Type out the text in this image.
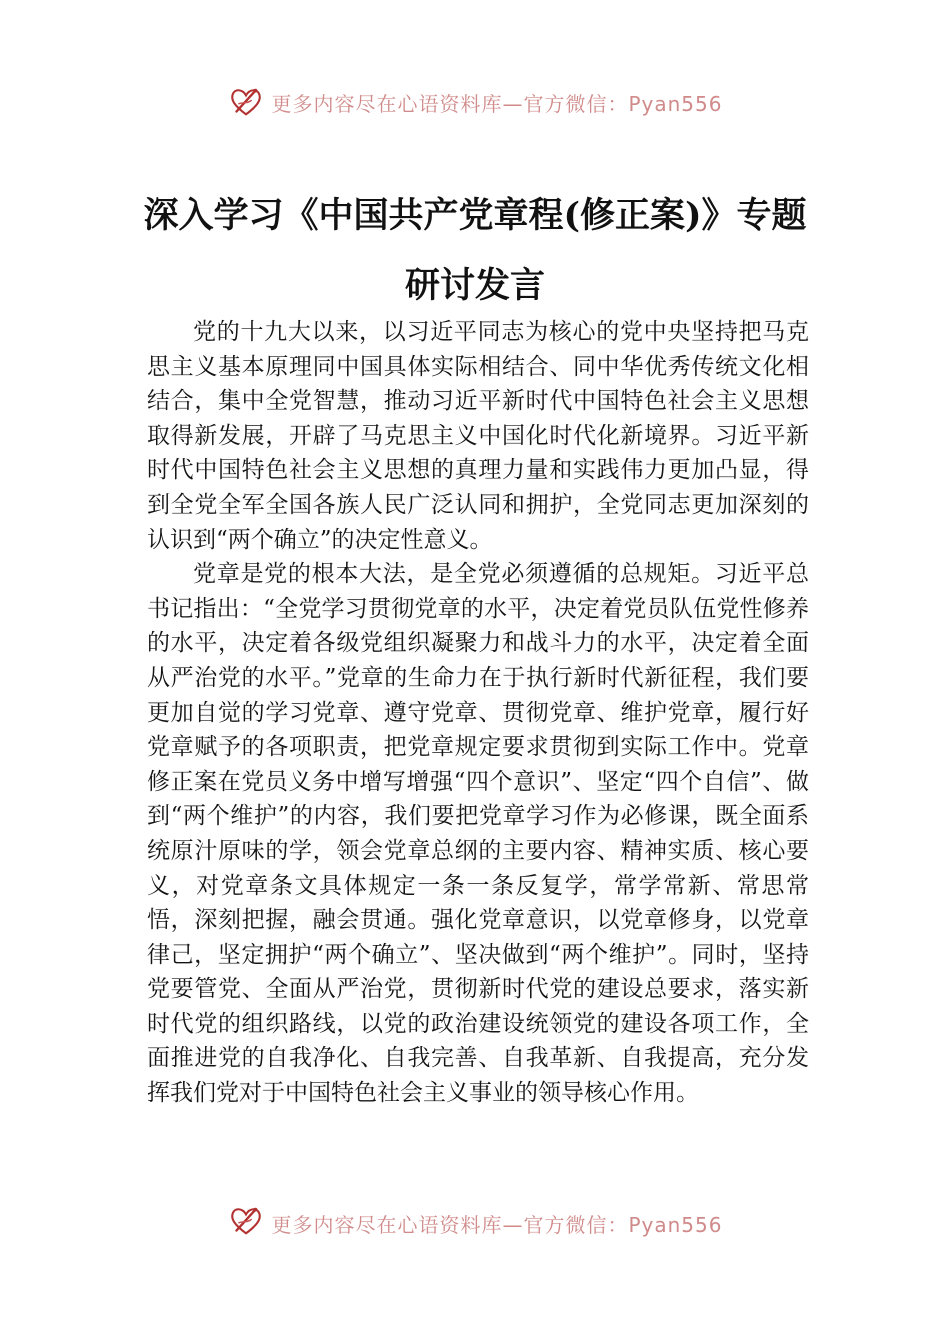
更多内容尽在心语资料库—官方微信：Pyan556
深入学习《中国共产党章程(修正案)》专题
研讨发言

党的十九大以来，以习近平同志为核心的党中央坚持把马克思主义基本原理同中国具体实际相结合、同中华优秀传统文化相结合，集中全党智慧，推动习近平新时代中国特色社会主义思想取得新发展，开辟了马克思主义中国化时代化新境界。习近平新时代中国特色社会主义思想的真理力量和实践伟力更加凸显，得到全党全军全国各族人民广泛认同和拥护，全党同志更加深刻的认识到“两个确立”的决定性意义。

党章是党的根本大法，是全党必须遵循的总规矩。习近平总书记指出：“全党学习贯彻党章的水平，决定着党员队伍党性修养的水平，决定着各级党组织凝聚力和战斗力的水平，决定着全面从严治党的水平。”党章的生命力在于执行新时代新征程，我们要更加自觉的学习党章、遵守党章、贯彻党章、维护党章，履行好党章赋予的各项职责，把党章规定要求贯彻到实际工作中。党章修正案在党员义务中增写增强“四个意识”、坚定“四个自信”、做到“两个维护”的内容，我们要把党章学习作为必修课，既全面系统原汁原味的学，领会党章总纲的主要内容、精神实质、核心要义，对党章条文具体规定一条一条反复学，常学常新、常思常悟，深刻把握，融会贯通。强化党章意识，以党章修身，以党章律己，坚定拥护“两个确立”、坚决做到“两个维护”。同时，坚持党要管党、全面从严治党，贯彻新时代党的建设总要求，落实新时代党的组织路线，以党的政治建设统领党的建设各项工作，全面推进党的自我净化、自我完善、自我革新、自我提高，充分发挥我们党对于中国特色社会主义事业的领导核心作用。

更多内容尽在心语资料库—官方微信：Pyan556
